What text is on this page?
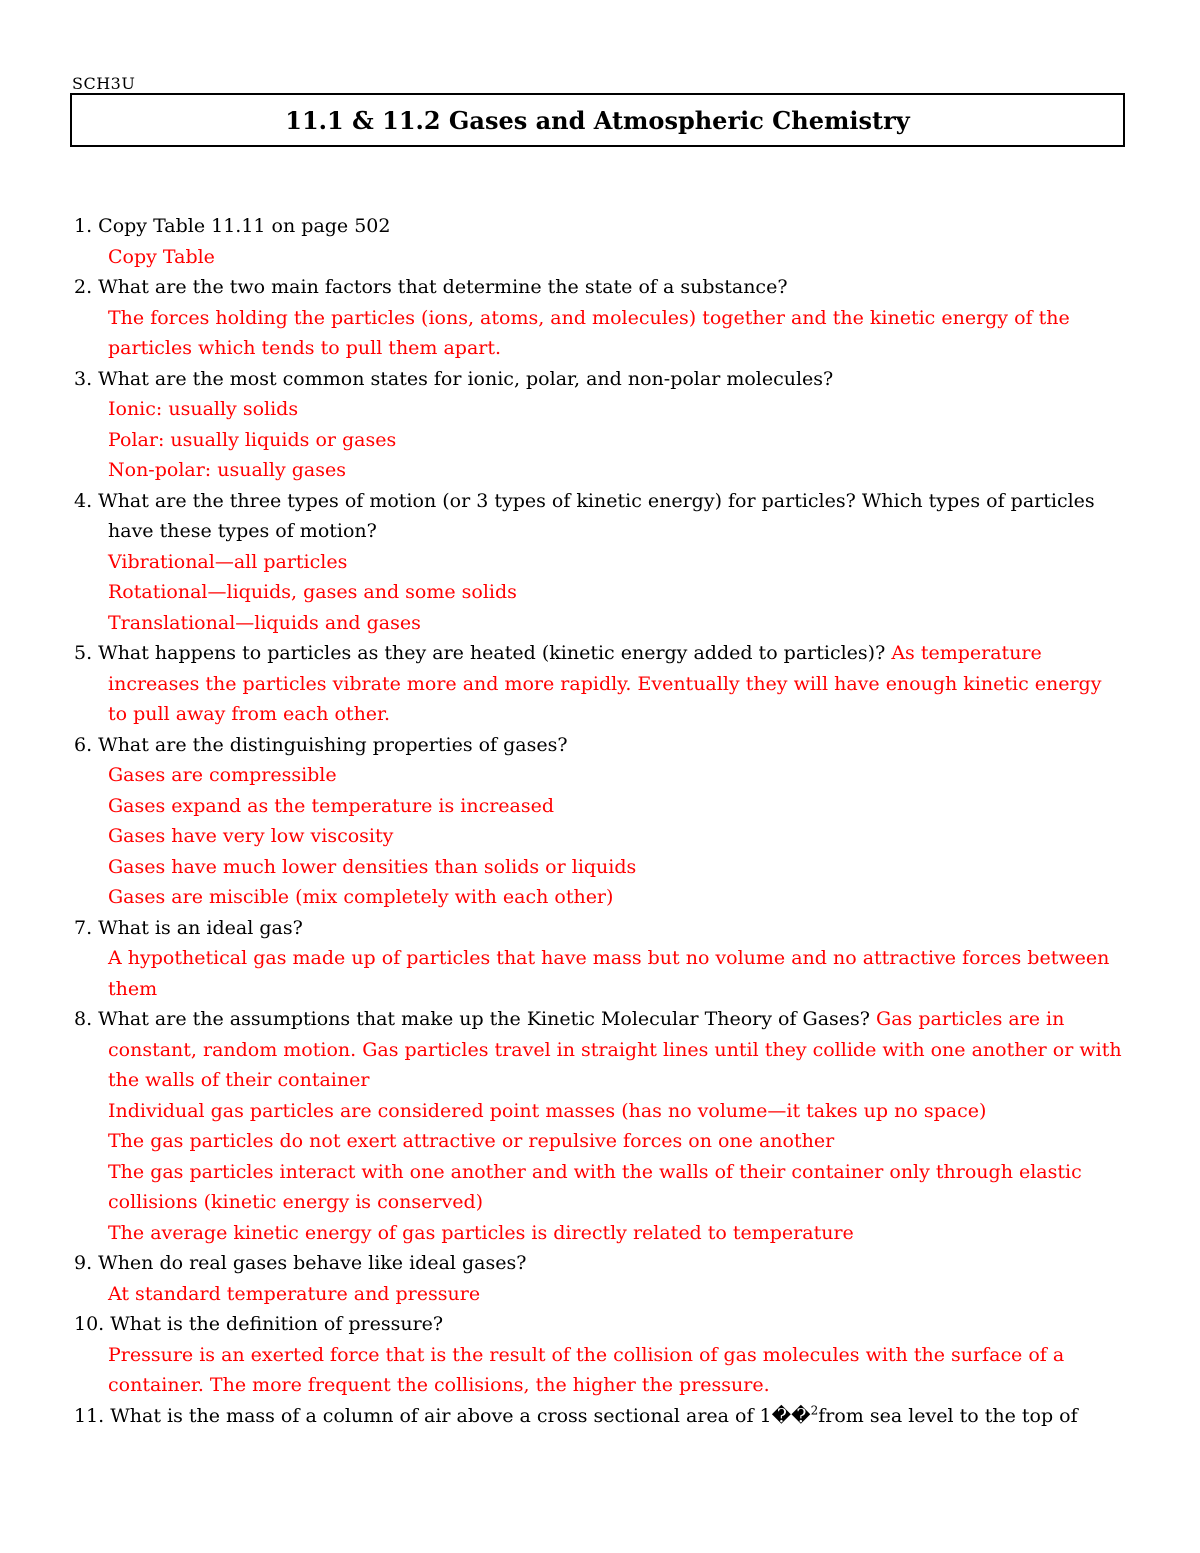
SCH3U
11.1 & 11.2 Gases and Atmospheric Chemistry

1. Copy Table 11.11 on page 502

Copy Table

2. What are the two main factors that determine the state of a substance?

The forces holding the particles (ions, atoms, and molecules) together and the kinetic energy of the particles which tends to pull them apart.

3. What are the most common states for ionic, polar, and non-polar molecules?

Ionic: usually solids

Polar: usually liquids or gases

Non-polar: usually gases

4. What are the three types of motion (or 3 types of kinetic energy) for particles? Which types of particles have these types of motion?

Vibrational—all particles

Rotational—liquids, gases and some solids

Translational—liquids and gases

5. What happens to particles as they are heated (kinetic energy added to particles)? As temperature increases the particles vibrate more and more rapidly. Eventually they will have enough kinetic energy to pull away from each other.

6. What are the distinguishing properties of gases?

Gases are compressible

Gases expand as the temperature is increased

Gases have very low viscosity

Gases have much lower densities than solids or liquids

Gases are miscible (mix completely with each other)

7. What is an ideal gas?

A hypothetical gas made up of particles that have mass but no volume and no attractive forces between them

8. What are the assumptions that make up the Kinetic Molecular Theory of Gases? Gas particles are in constant, random motion. Gas particles travel in straight lines until they collide with one another or with the walls of their container

Individual gas particles are considered point masses (has no volume—it takes up no space)

The gas particles do not exert attractive or repulsive forces on one another

The gas particles interact with one another and with the walls of their container only through elastic collisions (kinetic energy is conserved)

The average kinetic energy of gas particles is directly related to temperature

9. When do real gases behave like ideal gases?

At standard temperature and pressure

10. What is the definition of pressure?

Pressure is an exerted force that is the result of the collision of gas molecules with the surface of a container. The more frequent the collisions, the higher the pressure.

11. What is the mass of a column of air above a cross sectional area of 1��$^2$from sea level to the top of
